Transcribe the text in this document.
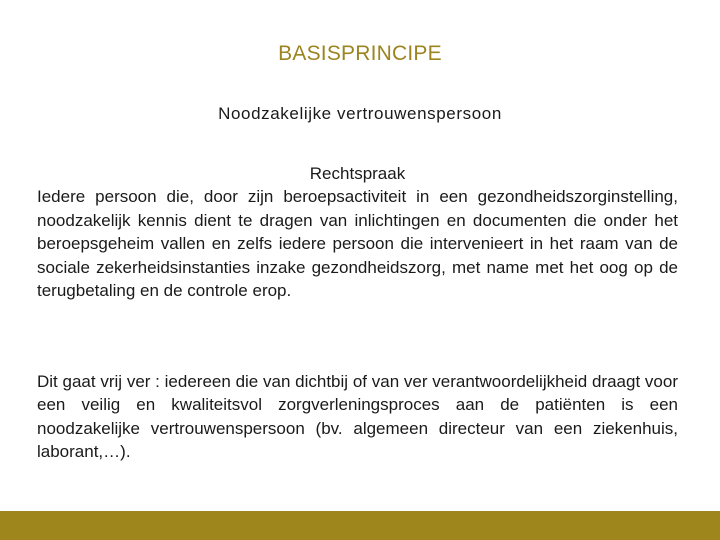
BASISPRINCIPE
Noodzakelijke vertrouwenspersoon
Rechtspraak
Iedere persoon die, door zijn beroepsactiviteit in een gezondheidszorginstelling, noodzakelijk kennis dient te dragen van inlichtingen en documenten die onder het beroepsgeheim vallen en zelfs iedere persoon die intervenieert in het raam van de sociale zekerheidsinstanties inzake gezondheidszorg, met name met het oog op de terugbetaling en de controle erop.
Dit gaat vrij ver : iedereen die van dichtbij of van ver verantwoordelijkheid draagt voor een veilig en kwaliteitsvol zorgverleningsproces aan de patiënten is een noodzakelijke vertrouwenspersoon (bv. algemeen directeur van een ziekenhuis, laborant,…).
